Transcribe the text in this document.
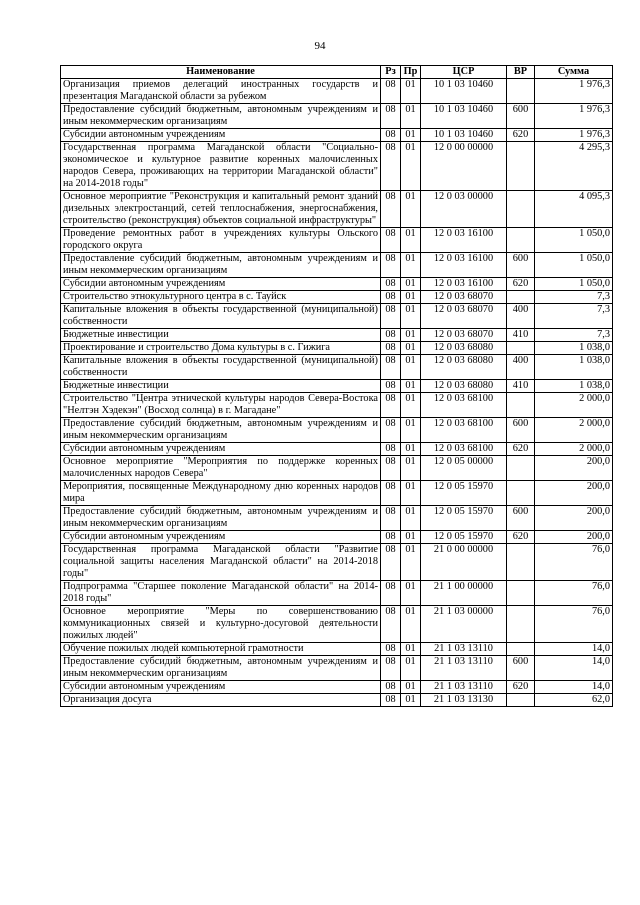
94
Наименование	Рз	Пр	ЦСР	ВР	Сумма
Организация приемов делегаций иностранных государств и презентация Магаданской области за рубежом	08	01	10 1 03 10460		1 976,3
Предоставление субсидий бюджетным, автономным учреждениям и иным некоммерческим организациям	08	01	10 1 03 10460	600	1 976,3
Субсидии автономным учреждениям	08	01	10 1 03 10460	620	1 976,3
Государственная программа Магаданской области "Социально-экономическое и культурное развитие коренных малочисленных народов Севера, проживающих на территории Магаданской области" на 2014-2018 годы"	08	01	12 0 00 00000		4 295,3
Основное мероприятие "Реконструкция и капитальный ремонт зданий дизельных электростанций, сетей теплоснабжения, энергоснабжения, строительство (реконструкция) объектов социальной инфраструктуры"	08	01	12 0 03 00000		4 095,3
Проведение ремонтных работ в учреждениях культуры Ольского городского округа	08	01	12 0 03 16100		1 050,0
Предоставление субсидий бюджетным, автономным учреждениям и иным некоммерческим организациям	08	01	12 0 03 16100	600	1 050,0
Субсидии автономным учреждениям	08	01	12 0 03 16100	620	1 050,0
Строительство этнокультурного центра в с. Тауйск	08	01	12 0 03 68070		7,3
Капитальные вложения в объекты государственной (муниципальной) собственности	08	01	12 0 03 68070	400	7,3
Бюджетные инвестиции	08	01	12 0 03 68070	410	7,3
Проектирование и строительство Дома культуры в с. Гижига	08	01	12 0 03 68080		1 038,0
Капитальные вложения в объекты государственной (муниципальной) собственности	08	01	12 0 03 68080	400	1 038,0
Бюджетные инвестиции	08	01	12 0 03 68080	410	1 038,0
Строительство "Центра этнической культуры народов Севера-Востока "Нелтэн Хэдекэн" (Восход солнца) в г. Магадане"	08	01	12 0 03 68100		2 000,0
Предоставление субсидий бюджетным, автономным учреждениям и иным некоммерческим организациям	08	01	12 0 03 68100	600	2 000,0
Субсидии автономным учреждениям	08	01	12 0 03 68100	620	2 000,0
Основное мероприятие "Мероприятия по поддержке коренных малочисленных народов Севера"	08	01	12 0 05 00000		200,0
Мероприятия, посвященные Международному дню коренных народов мира	08	01	12 0 05 15970		200,0
Предоставление субсидий бюджетным, автономным учреждениям и иным некоммерческим организациям	08	01	12 0 05 15970	600	200,0
Субсидии автономным учреждениям	08	01	12 0 05 15970	620	200,0
Государственная программа Магаданской области "Развитие социальной защиты населения Магаданской области" на 2014-2018 годы"	08	01	21 0 00 00000		76,0
Подпрограмма "Старшее поколение Магаданской области" на 2014-2018 годы"	08	01	21 1 00 00000		76,0
Основное мероприятие "Меры по совершенствованию коммуникационных связей и культурно-досуговой деятельности пожилых людей"	08	01	21 1 03 00000		76,0
Обучение пожилых людей компьютерной грамотности	08	01	21 1 03 13110		14,0
Предоставление субсидий бюджетным, автономным учреждениям и иным некоммерческим организациям	08	01	21 1 03 13110	600	14,0
Субсидии автономным учреждениям	08	01	21 1 03 13110	620	14,0
Организация досуга	08	01	21 1 03 13130		62,0
